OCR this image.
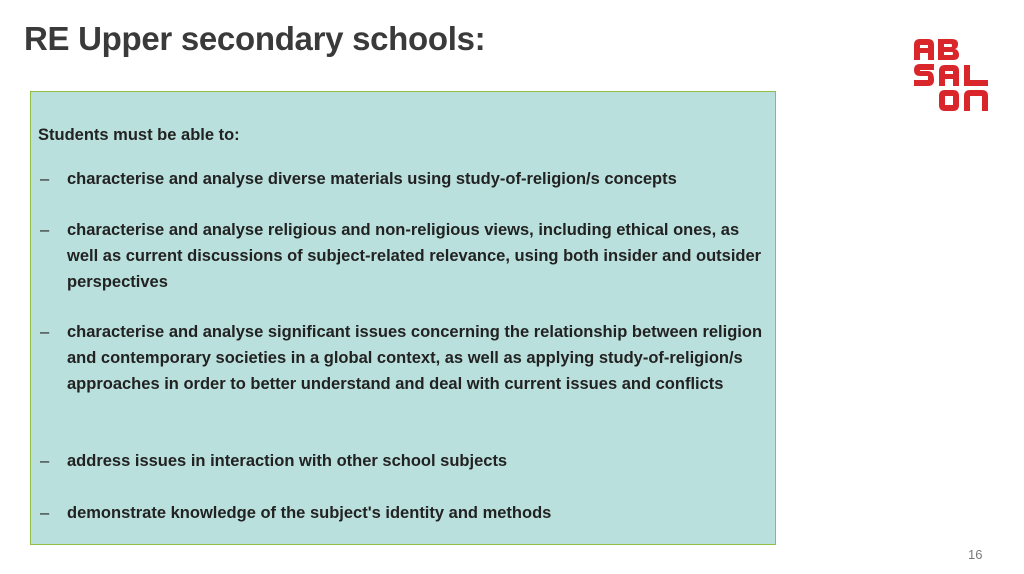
RE Upper secondary schools:
Students must be able to:
– characterise and analyse diverse materials using study-of-religion/s concepts
– characterise and analyse religious and non-religious views, including ethical ones, as well as current discussions of subject-related relevance, using both insider and outsider perspectives
– characterise and analyse significant issues concerning the relationship between religion and contemporary societies in a global context, as well as applying study-of-religion/s approaches in order to better understand and deal with current issues and conflicts
– address issues in interaction with other school subjects
– demonstrate knowledge of the subject's identity and methods
16
